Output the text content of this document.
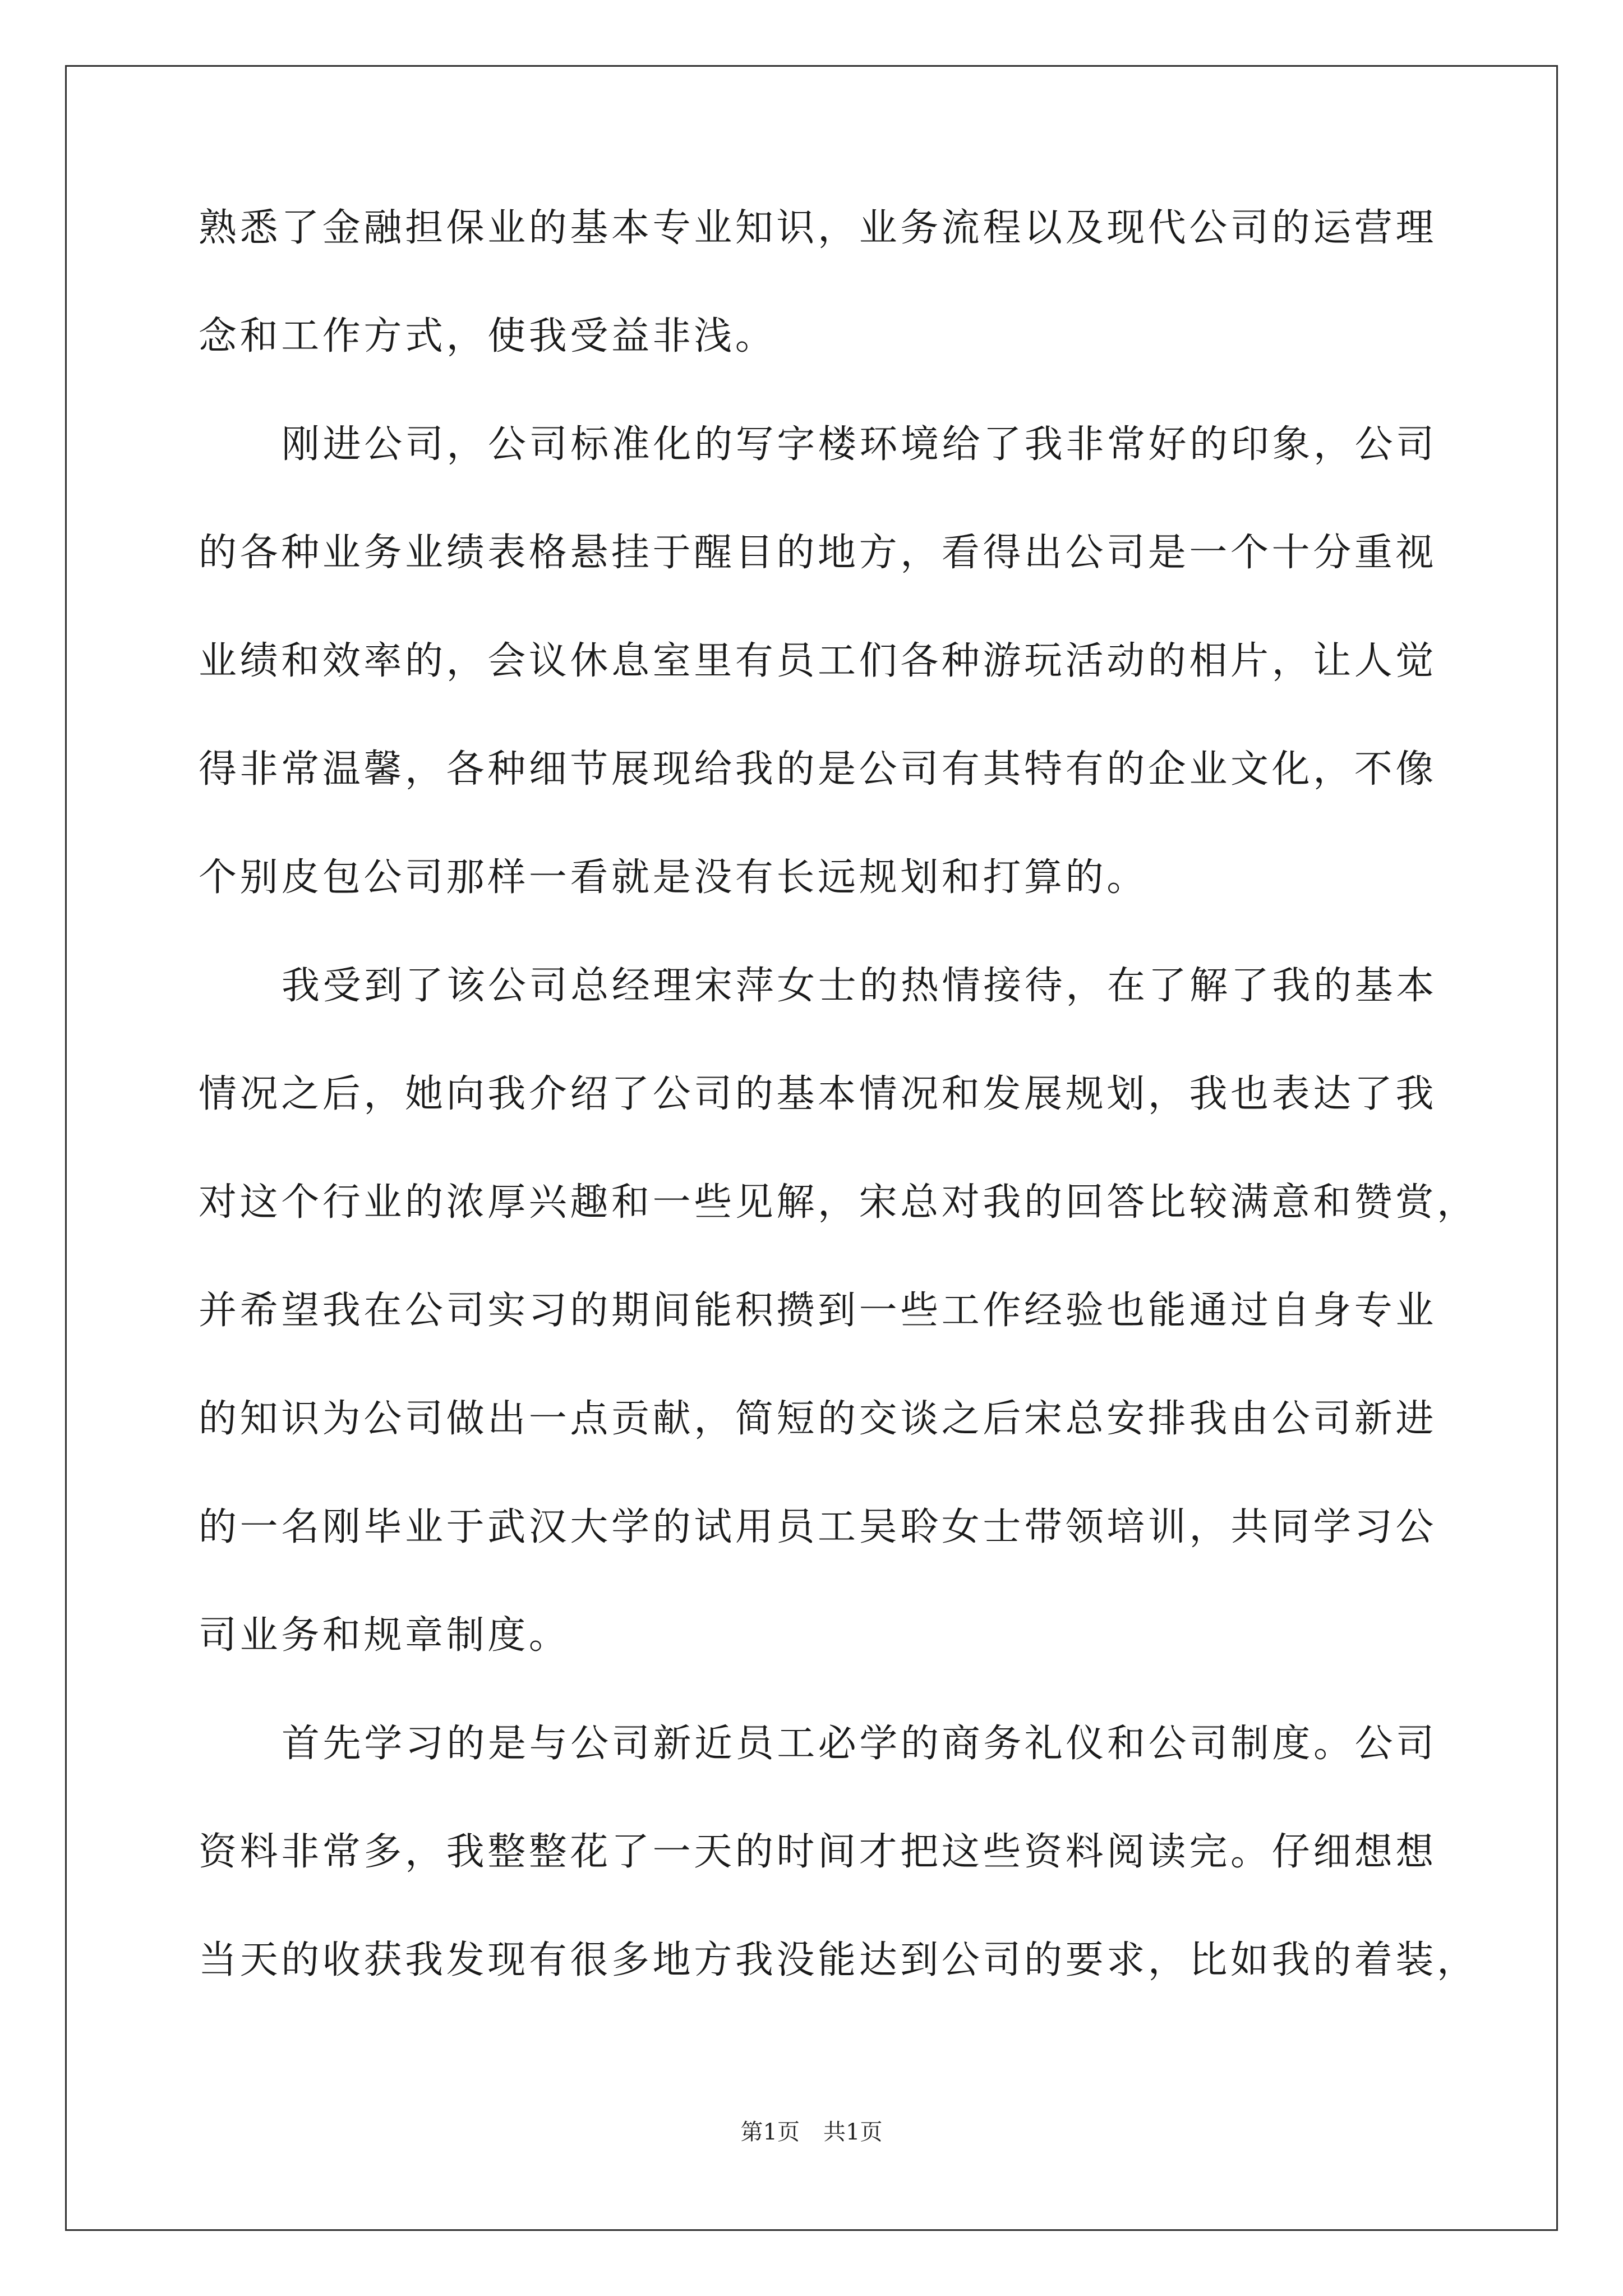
熟悉了金融担保业的基本专业知识，业务流程以及现代公司的运营理
念和工作方式，使我受益非浅。
刚进公司，公司标准化的写字楼环境给了我非常好的印象，公司
的各种业务业绩表格悬挂于醒目的地方，看得出公司是一个十分重视
业绩和效率的，会议休息室里有员工们各种游玩活动的相片，让人觉
得非常温馨，各种细节展现给我的是公司有其特有的企业文化，不像
个别皮包公司那样一看就是没有长远规划和打算的。
我受到了该公司总经理宋萍女士的热情接待，在了解了我的基本
情况之后，她向我介绍了公司的基本情况和发展规划，我也表达了我
对这个行业的浓厚兴趣和一些见解，宋总对我的回答比较满意和赞赏，
并希望我在公司实习的期间能积攒到一些工作经验也能通过自身专业
的知识为公司做出一点贡献，简短的交谈之后宋总安排我由公司新进
的一名刚毕业于武汉大学的试用员工吴聆女士带领培训，共同学习公
司业务和规章制度。
首先学习的是与公司新近员工必学的商务礼仪和公司制度。公司
资料非常多，我整整花了一天的时间才把这些资料阅读完。仔细想想
当天的收获我发现有很多地方我没能达到公司的要求，比如我的着装，
第1页 共1页
